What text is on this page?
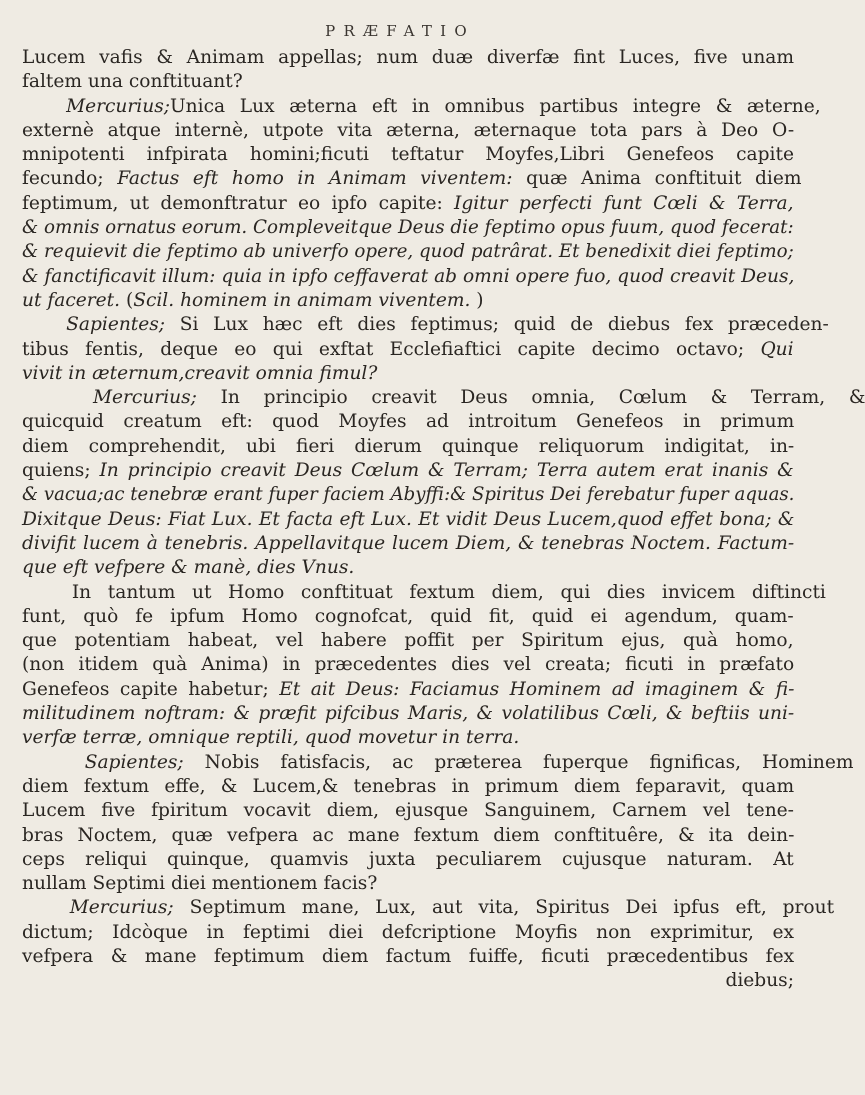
PRÆFATIO
Lucem vafis & Animam appellas; num duæ diverfæ fint Luces, five unam
faltem una conftituant?
Mercurius;Unica Lux æterna eft in omnibus partibus integre & æterne,
externè atque internè, utpote vita æterna, æternaque tota pars à Deo O-
mnipotenti infpirata homini;ficuti teftatur Moyfes,Libri Genefeos capite
fecundo; Factus eft homo in Animam viventem: quæ Anima conftituit diem
feptimum, ut demonftratur eo ipfo capite: Igitur perfecti funt Cœli & Terra,
& omnis ornatus eorum. Compleveitque Deus die feptimo opus fuum, quod fecerat:
& requievit die feptimo ab univerfo opere, quod patrârat. Et benedixit diei feptimo;
& fanctificavit illum: quia in ipfo ceffaverat ab omni opere fuo, quod creavit Deus,
ut faceret. (Scil. hominem in animam viventem. )
Sapientes; Si Lux hæc eft dies feptimus; quid de diebus fex præceden-
tibus fentis, deque eo qui exftat Ecclefiaftici capite decimo octavo; Qui
vivit in æternum,creavit omnia fimul?
Mercurius; In principio creavit Deus omnia, Cœlum & Terram, &
quicquid creatum eft: quod Moyfes ad introitum Genefeos in primum
diem comprehendit, ubi fieri dierum quinque reliquorum indigitat, in-
quiens; In principio creavit Deus Cœlum & Terram; Terra autem erat inanis &
& vacua;ac tenebræ erant fuper faciem Abyffi:& Spiritus Dei ferebatur fuper aquas.
Dixitque Deus: Fiat Lux. Et facta eft Lux. Et vidit Deus Lucem,quod effet bona; &
divifit lucem à tenebris. Appellavitque lucem Diem, & tenebras Noctem. Factum-
que eft vefpere & manè, dies Vnus.
In tantum ut Homo conftituat fextum diem, qui dies invicem diftincti
funt, quò fe ipfum Homo cognofcat, quid fit, quid ei agendum, quam-
que potentiam habeat, vel habere poffit per Spiritum ejus, quà homo,
(non itidem quà Anima) in præcedentes dies vel creata; ficuti in præfato
Genefeos capite habetur; Et ait Deus: Faciamus Hominem ad imaginem & fi-
militudinem noftram: & præfit pifcibus Maris, & volatilibus Cœli, & beftiis uni-
verfæ terræ, omnique reptili, quod movetur in terra.
Sapientes; Nobis fatisfacis, ac præterea fuperque fignificas, Hominem
diem fextum effe, & Lucem,& tenebras in primum diem feparavit, quam
Lucem five fpiritum vocavit diem, ejusque Sanguinem, Carnem vel tene-
bras Noctem, quæ vefpera ac mane fextum diem conftituêre, & ita dein-
ceps reliqui quinque, quamvis juxta peculiarem cujusque naturam. At
nullam Septimi diei mentionem facis?
Mercurius; Septimum mane, Lux, aut vita, Spiritus Dei ipfus eft, prout
dictum; Idcòque in feptimi diei defcriptione Moyfis non exprimitur, ex
vefpera & mane feptimum diem factum fuiffe, ficuti præcedentibus fex
diebus;
